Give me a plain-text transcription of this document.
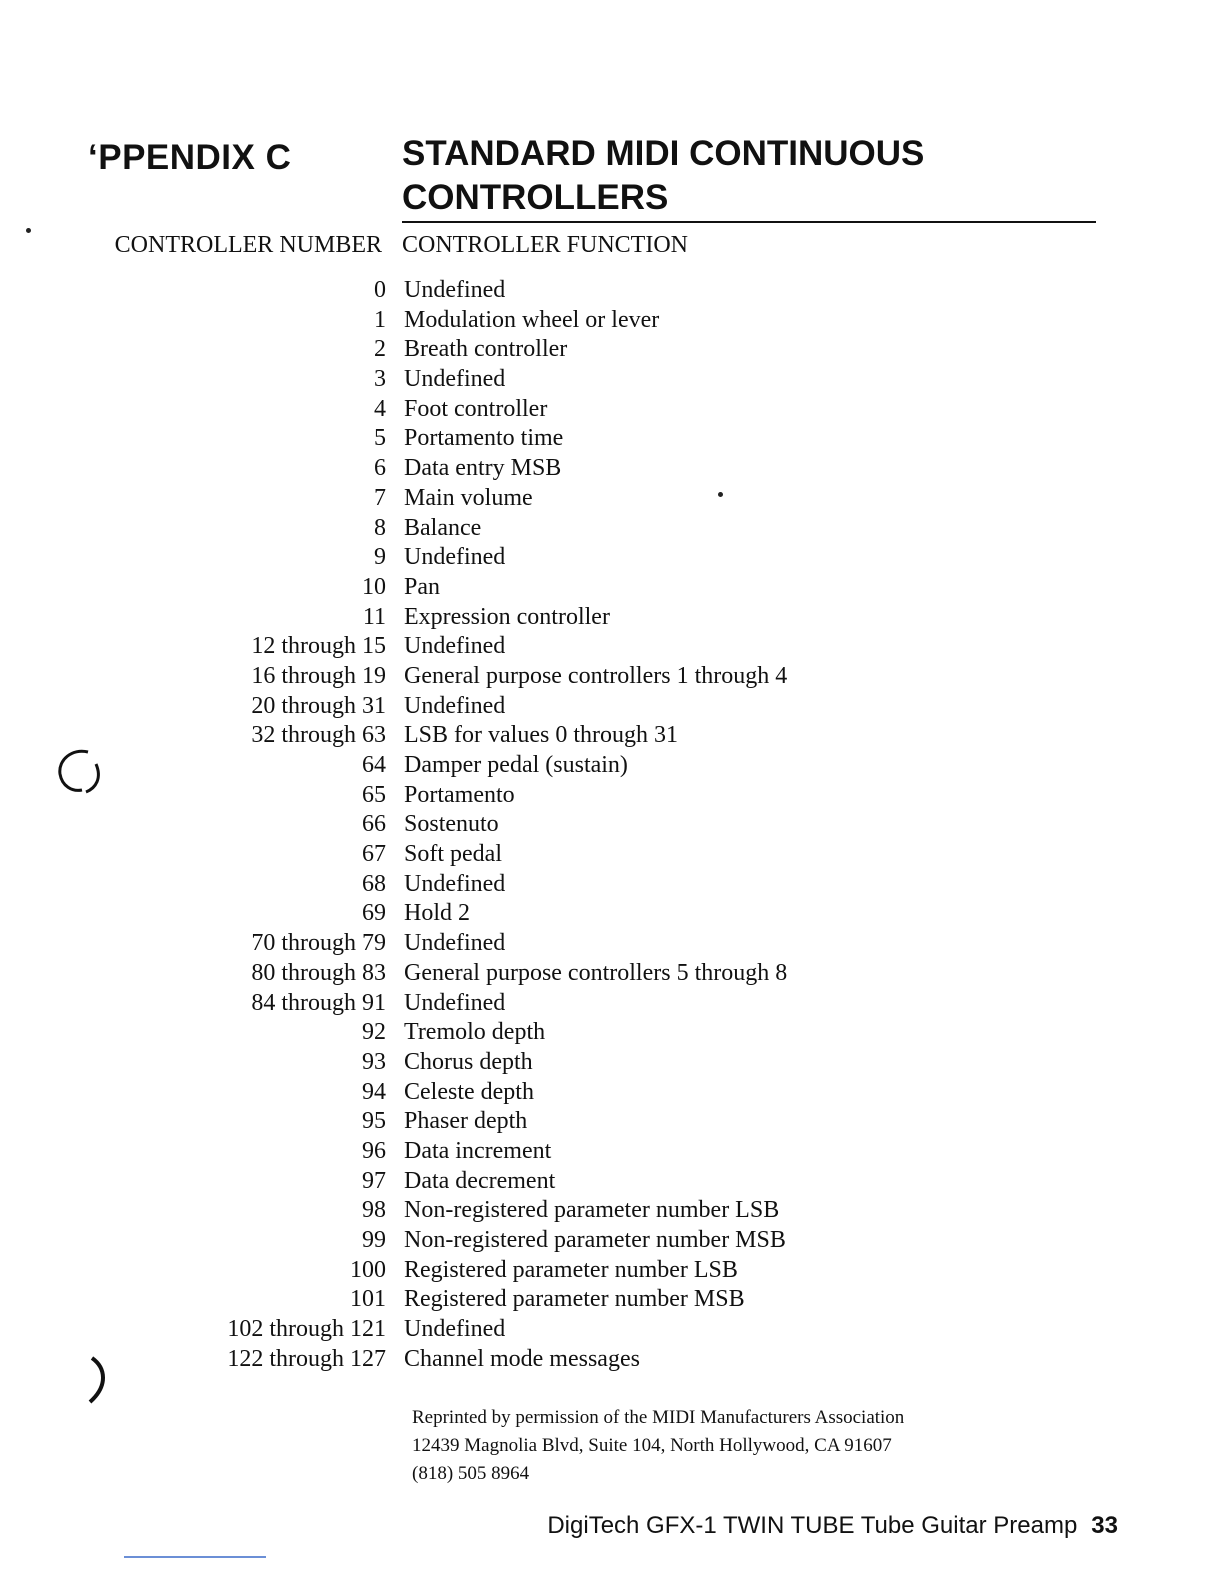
ʻPPENDIX C	STANDARD MIDI CONTINUOUS
CONTROLLERS
CONTROLLER NUMBER CONTROLLER FUNCTION
0 Undefined
1 Modulation wheel or lever
2 Breath controller
3 Undefined
4 Foot controller
5 Portamento time
6 Data entry MSB
7 Main volume
8 Balance
9 Undefined
10 Pan
11 Expression controller
12 through 15 Undefined
16 through 19 General purpose controllers 1 through 4
20 through 31 Undefined
32 through 63 LSB for values 0 through 31
64 Damper pedal (sustain)
65 Portamento
66 Sostenuto
67 Soft pedal
68 Undefined
69 Hold 2
70 through 79 Undefined
80 through 83 General purpose controllers 5 through 8
84 through 91 Undefined
92 Tremolo depth
93 Chorus depth
94 Celeste depth
95 Phaser depth
96 Data increment
97 Data decrement
98 Non-registered parameter number LSB
99 Non-registered parameter number MSB
100 Registered parameter number LSB
101 Registered parameter number MSB
102 through 121 Undefined
122 through 127 Channel mode messages
Reprinted by permission of the MIDI Manufacturers Association
12439 Magnolia Blvd, Suite 104, North Hollywood, CA 91607
(818) 505 8964
DigiTech GFX-1 TWIN TUBE Tube Guitar Preamp 33
